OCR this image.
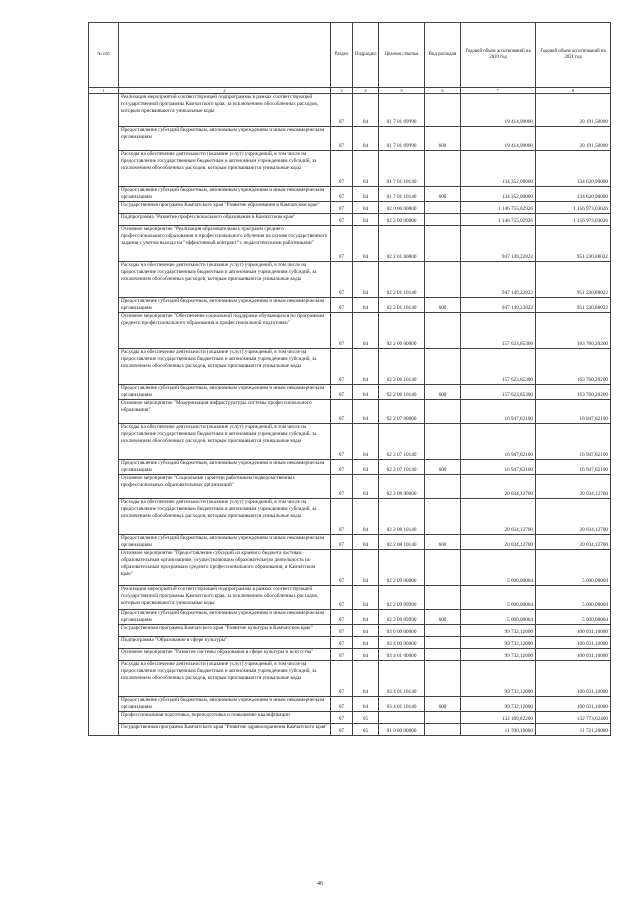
№ п/п		Раздел	Подраздел	Целевая статья	Вид расходов	Годовой объем ассигнований на 2020 год	Годовой объем ассигнований на 2021 год
1	2	3	4	5	6	7	8
	Реализация мероприятий соответствующей подпрограммы в рамках соответствующей государственной программы Камчатского края, за исключением обособленных расходов, которым присваиваются уникальные коды	07	04	01 7 01 09990		19 414,90000	20 191,50000
	Предоставление субсидий бюджетным, автономным учреждениям и иным некоммерческим организациям	07	04	01 7 01 09990	600	19 414,90000	20 191,50000
	Расходы на обеспечение деятельности (оказание услуг) учреждений, в том числе на предоставление государственным бюджетным и автономным учреждениям субсидий, за исключением обособленных расходов, которым присваиваются уникальные коды	07	04	01 7 01 10140		134 352,00000	134 620,90000
	Предоставление субсидий бюджетным, автономным учреждениям и иным некоммерческим организациям	07	04	01 7 01 10140	600	134 352,00000	134 620,90000
	Государственная программа Камчатского края "Развитие образования в Камчатском крае"	07	04	02 0 00 00000		1 146 755,02926	1 156 973,03026
	Подпрограмма "Развитие профессионального образования в Камчатском крае"	07	04	02 2 00 00000		1 146 755,02926	1 156 973,03026
	Основное мероприятие "Реализация образовательных программ среднего профессионального образования и профессионального обучения на основе государственного задания с учетом выхода на "эффективный контракт" с педагогическими работниками"	07	04	02 2 01 00000		947 149,22822	951 230,88022
	Расходы на обеспечение деятельности (оказание услуг) учреждений, в том числе на предоставление государственным бюджетным и автономным учреждениям субсидий, за исключением обособленных расходов, которым присваиваются уникальные коды	07	04	02 2 01 10140		947 149,22822	951 230,88022
	Предоставление субсидий бюджетным, автономным учреждениям и иным некоммерческим организациям	07	04	02 2 01 10140	600	947 149,22822	951 230,88022
	Основное мероприятие "Обеспечение социальной поддержки обучающихся по программам среднего профессионального образования и профессиональной подготовки"	07	04	02 2 06 00000		157 623,85300	163 760,20200
	Расходы на обеспечение деятельности (оказание услуг) учреждений, в том числе на предоставление государственным бюджетным и автономным учреждениям субсидий, за исключением обособленных расходов, которым присваиваются уникальные коды	07	04	02 2 06 10140		157 623,85300	163 760,20200
	Предоставление субсидий бюджетным, автономным учреждениям и иным некоммерческим организациям	07	04	02 2 06 10140	600	157 623,85300	163 760,20200
	Основное мероприятие "Модернизация инфраструктуры системы профессионального образования"	07	04	02 2 07 00000		16 947,82100	16 947,82100
	Расходы на обеспечение деятельности (оказание услуг) учреждений, в том числе на предоставление государственным бюджетным и автономным учреждениям субсидий, за исключением обособленных расходов, которым присваиваются уникальные коды	07	04	02 2 07 10140		16 947,82100	16 947,82100
	Предоставление субсидий бюджетным, автономным учреждениям и иным некоммерческим организациям	07	04	02 2 07 10140	600	16 947,82100	16 947,82100
	Основное мероприятие "Социальные гарантии работникам подведомственных профессиональных образовательных организаций"	07	04	02 2 08 00000		20 034,12700	20 034,12700
	Расходы на обеспечение деятельности (оказание услуг) учреждений, в том числе на предоставление государственным бюджетным и автономным учреждениям субсидий, за исключением обособленных расходов, которым присваиваются уникальные коды	07	04	02 2 08 10140		20 034,12700	20 034,12700
	Предоставление субсидий бюджетным, автономным учреждениям и иным некоммерческим организациям	07	04	02 2 08 10140	600	20 034,12700	20 034,12700
	Основное мероприятие "Предоставление субсидий из краевого бюджета частным образовательным организациям, осуществляющим образовательную деятельность по образовательным программам среднего профессионального образования, в Камчатском крае"	07	04	02 2 09 00000		5 000,00004	5 000,00004
	Реализация мероприятий соответствующей подпрограммы в рамках соответствующей государственной программы Камчатского края, за исключением обособленных расходов, которым присваиваются уникальные коды	07	04	02 2 09 09990		5 000,00004	5 000,00004
	Предоставление субсидий бюджетным, автономным учреждениям и иным некоммерческим организациям	07	04	02 2 09 09990	600	5 000,00004	5 000,00004
	Государственная программа Камчатского края "Развитие культуры в Камчатском крае"	07	04	03 0 00 00000		99 732,12000	100 031,16000
	Подпрограмма "Образование в сфере культуры"	07	04	03 4 00 00000		99 732,12000	100 031,16000
	Основное мероприятие "Развитие системы образования в сфере культуры и искусства"	07	04	03 4 01 00000		99 732,12000	100 031,16000
	Расходы на обеспечение деятельности (оказание услуг) учреждений, в том числе на предоставление государственным бюджетным и автономным учреждениям субсидий, за исключением обособленных расходов, которым присваиваются уникальные коды	07	04	03 4 01 10140		99 732,12000	100 031,16000
	Предоставление субсидий бюджетным, автономным учреждениям и иным некоммерческим организациям	07	04	03 4 01 10140	600	99 732,12000	100 031,16000
	Профессиональная подготовка, переподготовка и повышение квалификации	07	05			132 189,82200	132 773,62400
	Государственная программа Камчатского края "Развитие здравоохранения Камчатского края"	07	05	01 0 00 00000		11 700,10000	11 721,20000
46
